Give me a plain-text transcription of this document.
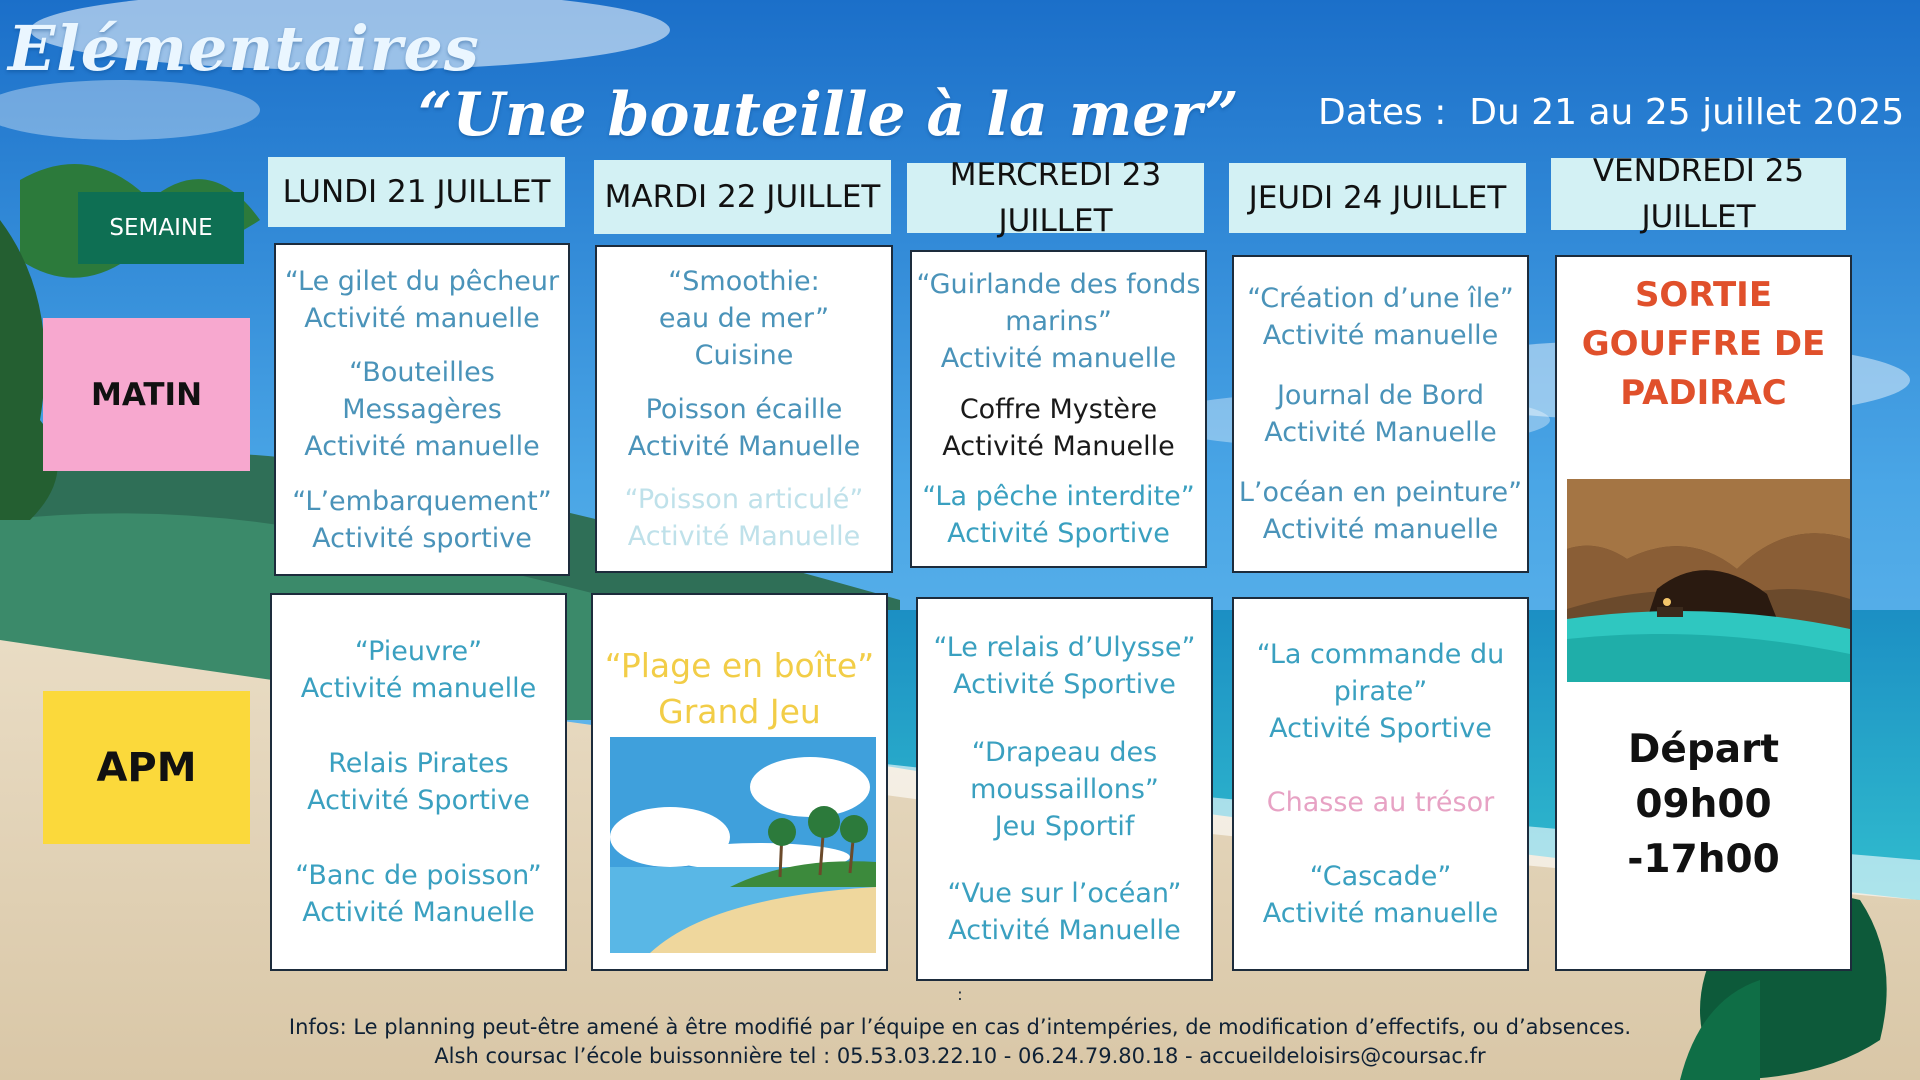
Elémentaires
“Une bouteille à la mer” Dates : Du 21 au 25 juillet 2025
SEMAINE
MATIN
APM
LUNDI 21 JUILLET	MARDI 22 JUILLET
MERCREDI 23 JUILLET
JEUDI 24 JUILLET
VENDREDI 25 JUILLET
“Le gilet du pêcheur
Activité manuelle
“Bouteilles Messagères
Activité manuelle
“L’embarquement”
Activité sportive
“Smoothie:
eau de mer”
Cuisine
Poisson écaille
Activité Manuelle
“Poisson articulé”
Activité Manuelle
“Guirlande des fonds
marins”
Activité manuelle
Coffre Mystère
Activité Manuelle
“La pêche interdite”
Activité Sportive
“Création d’une île”
Activité manuelle
Journal de Bord
Activité Manuelle
L’océan en peinture”
Activité manuelle
SORTIE
GOUFFRE DE
PADIRAC
Départ
09h00
-17h00
“Pieuvre”
Activité manuelle
Relais Pirates
Activité Sportive
“Banc de poisson”
Activité Manuelle
“Plage en boîte”
Grand Jeu
“Le relais d’Ulysse”
Activité Sportive
“Drapeau des
moussaillons”
Jeu Sportif
“Vue sur l’océan”
Activité Manuelle
“La commande du
pirate”
Activité Sportive
Chasse au trésor
“Cascade”
Activité manuelle
:
Infos: Le planning peut-être amené à être modifié par l’équipe en cas d’intempéries, de modification d’effectifs, ou d’absences.
Alsh coursac l’école buissonnière tel : 05.53.03.22.10 - 06.24.79.80.18 - accueildeloisirs@coursac.fr
